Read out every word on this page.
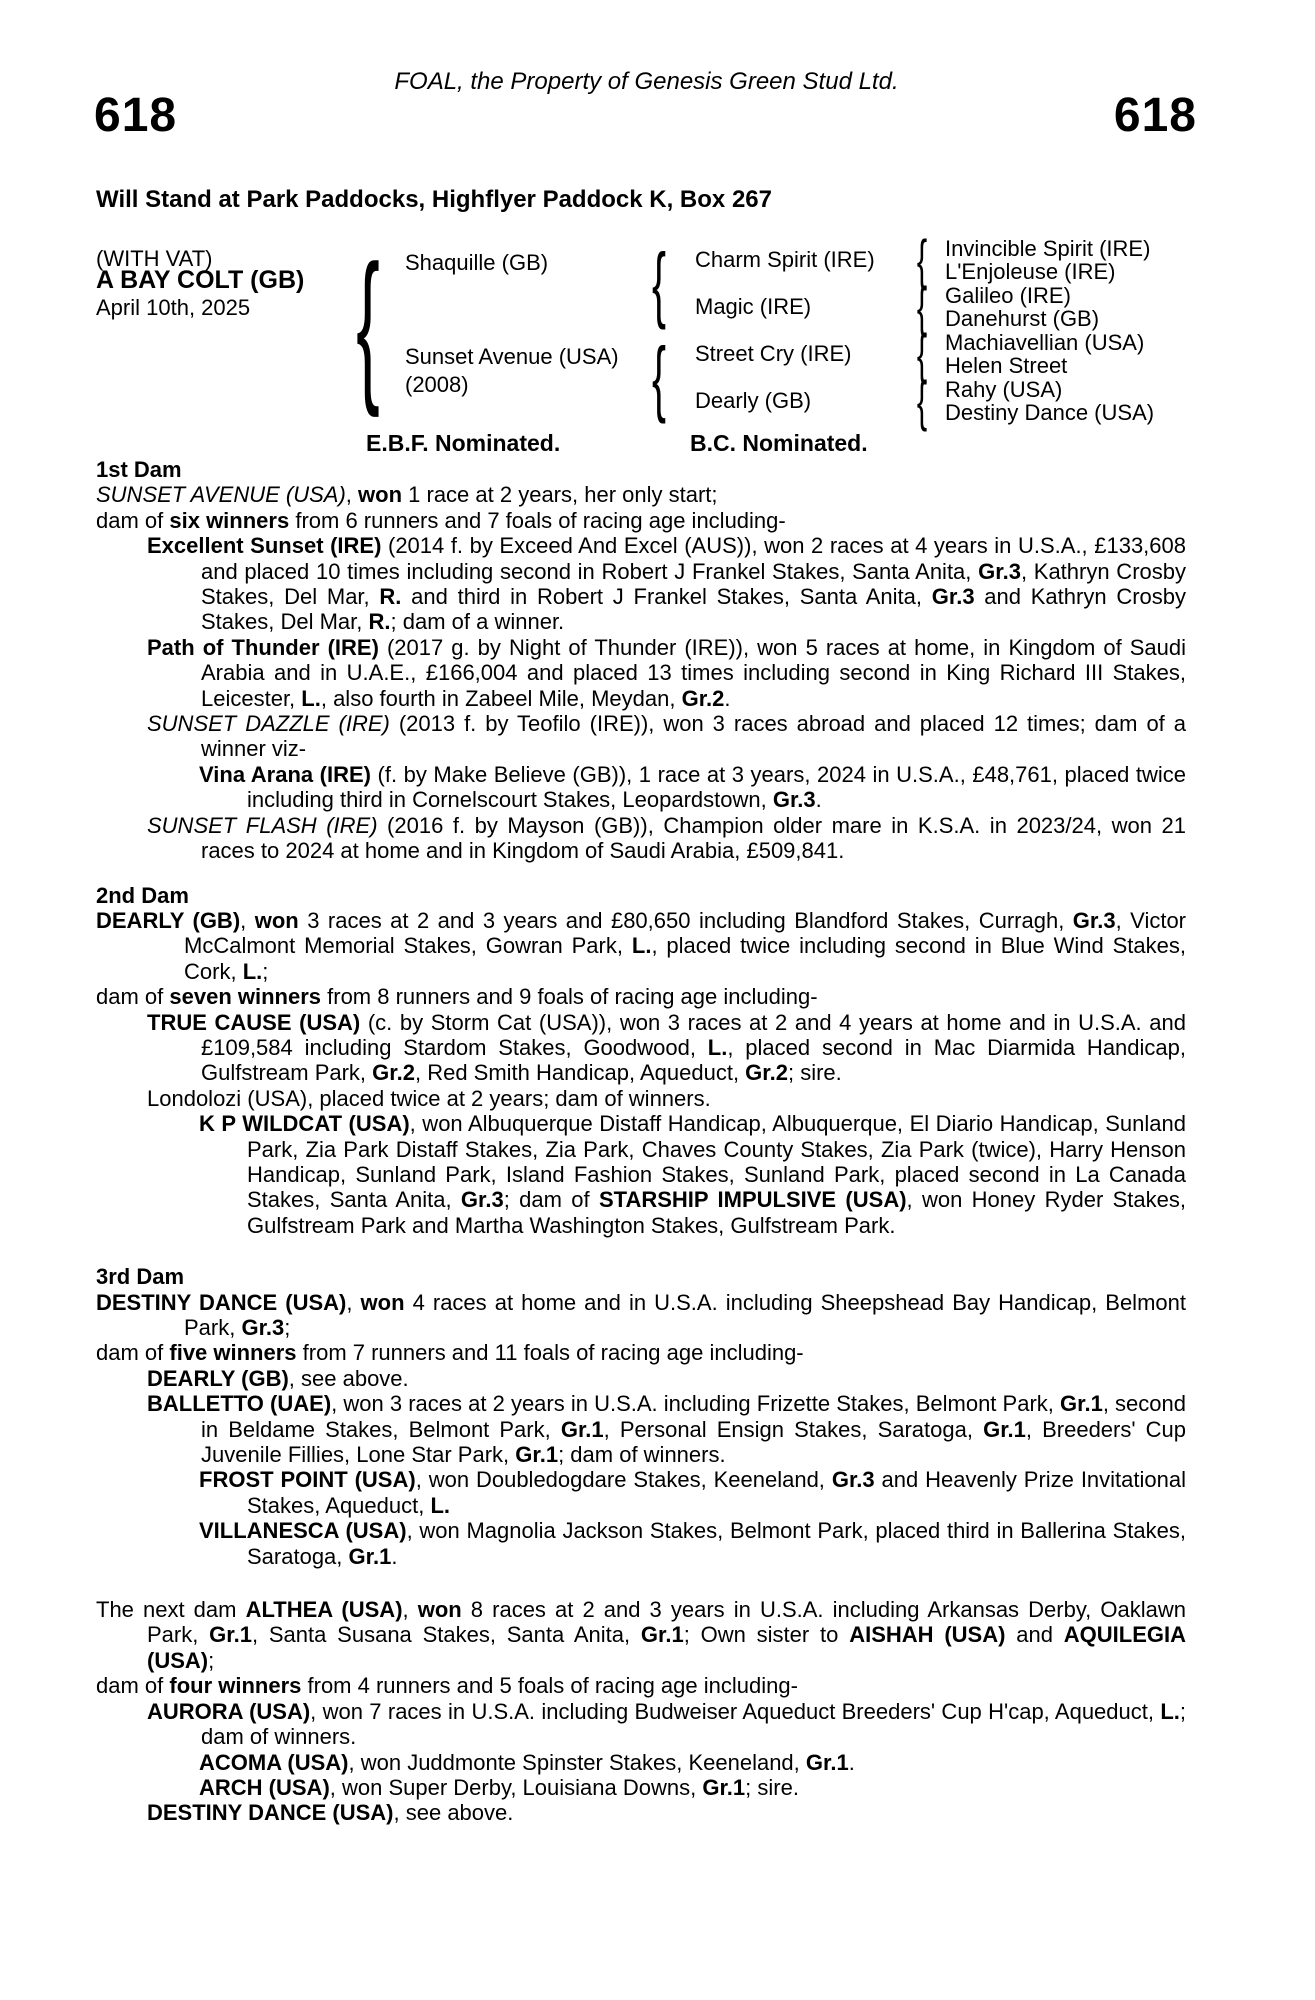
FOAL, the Property of Genesis Green Stud Ltd.
618	618
Will Stand at Park Paddocks, Highflyer Paddock K, Box 267
(WITH VAT)
A BAY COLT (GB)
April 10th, 2025 { Shaquille (GB)
Sunset Avenue (USA)
(2008)
{
{
Charm Spirit (IRE)
Magic (IRE)
Street Cry (IRE)
Dearly (GB)
{
{
{
{
Invincible Spirit (IRE)
L'Enjoleuse (IRE)
Galileo (IRE)
Danehurst (GB)
Machiavellian (USA)
Helen Street
Rahy (USA)
Destiny Dance (USA)
E.B.F. Nominated.	B.C. Nominated.

1st Dam

SUNSET AVENUE (USA), won 1 race at 2 years, her only start;

dam of six winners from 6 runners and 7 foals of racing age including-

Excellent Sunset (IRE) (2014 f. by Exceed And Excel (AUS)), won 2 races at 4 years in U.S.A., £133,608 and placed 10 times including second in Robert J Frankel Stakes, Santa Anita, Gr.3, Kathryn Crosby Stakes, Del Mar, R. and third in Robert J Frankel Stakes, Santa Anita, Gr.3 and Kathryn Crosby Stakes, Del Mar, R.; dam of a winner.

Path of Thunder (IRE) (2017 g. by Night of Thunder (IRE)), won 5 races at home, in Kingdom of Saudi Arabia and in U.A.E., £166,004 and placed 13 times including second in King Richard III Stakes, Leicester, L., also fourth in Zabeel Mile, Meydan, Gr.2.

SUNSET DAZZLE (IRE) (2013 f. by Teofilo (IRE)), won 3 races abroad and placed 12 times; dam of a winner viz-

Vina Arana (IRE) (f. by Make Believe (GB)), 1 race at 3 years, 2024 in U.S.A., £48,761, placed twice including third in Cornelscourt Stakes, Leopardstown, Gr.3.

SUNSET FLASH (IRE) (2016 f. by Mayson (GB)), Champion older mare in K.S.A. in 2023/24, won 21 races to 2024 at home and in Kingdom of Saudi Arabia, £509,841.

2nd Dam

DEARLY (GB), won 3 races at 2 and 3 years and £80,650 including Blandford Stakes, Curragh, Gr.3, Victor McCalmont Memorial Stakes, Gowran Park, L., placed twice including second in Blue Wind Stakes, Cork, L.;

dam of seven winners from 8 runners and 9 foals of racing age including-

TRUE CAUSE (USA) (c. by Storm Cat (USA)), won 3 races at 2 and 4 years at home and in U.S.A. and £109,584 including Stardom Stakes, Goodwood, L., placed second in Mac Diarmida Handicap, Gulfstream Park, Gr.2, Red Smith Handicap, Aqueduct, Gr.2; sire.

Londolozi (USA), placed twice at 2 years; dam of winners.

K P WILDCAT (USA), won Albuquerque Distaff Handicap, Albuquerque, El Diario Handicap, Sunland Park, Zia Park Distaff Stakes, Zia Park, Chaves County Stakes, Zia Park (twice), Harry Henson Handicap, Sunland Park, Island Fashion Stakes, Sunland Park, placed second in La Canada Stakes, Santa Anita, Gr.3; dam of STARSHIP IMPULSIVE (USA), won Honey Ryder Stakes, Gulfstream Park and Martha Washington Stakes, Gulfstream Park.

3rd Dam

DESTINY DANCE (USA), won 4 races at home and in U.S.A. including Sheepshead Bay Handicap, Belmont Park, Gr.3;

dam of five winners from 7 runners and 11 foals of racing age including-

DEARLY (GB), see above.

BALLETTO (UAE), won 3 races at 2 years in U.S.A. including Frizette Stakes, Belmont Park, Gr.1, second in Beldame Stakes, Belmont Park, Gr.1, Personal Ensign Stakes, Saratoga, Gr.1, Breeders' Cup Juvenile Fillies, Lone Star Park, Gr.1; dam of winners.

FROST POINT (USA), won Doubledogdare Stakes, Keeneland, Gr.3 and Heavenly Prize Invitational Stakes, Aqueduct, L.

VILLANESCA (USA), won Magnolia Jackson Stakes, Belmont Park, placed third in Ballerina Stakes, Saratoga, Gr.1.

The next dam ALTHEA (USA), won 8 races at 2 and 3 years in U.S.A. including Arkansas Derby, Oaklawn Park, Gr.1, Santa Susana Stakes, Santa Anita, Gr.1; Own sister to AISHAH (USA) and AQUILEGIA (USA);

dam of four winners from 4 runners and 5 foals of racing age including-

AURORA (USA), won 7 races in U.S.A. including Budweiser Aqueduct Breeders' Cup H'cap, Aqueduct, L.; dam of winners.

ACOMA (USA), won Juddmonte Spinster Stakes, Keeneland, Gr.1.

ARCH (USA), won Super Derby, Louisiana Downs, Gr.1; sire.

DESTINY DANCE (USA), see above.
